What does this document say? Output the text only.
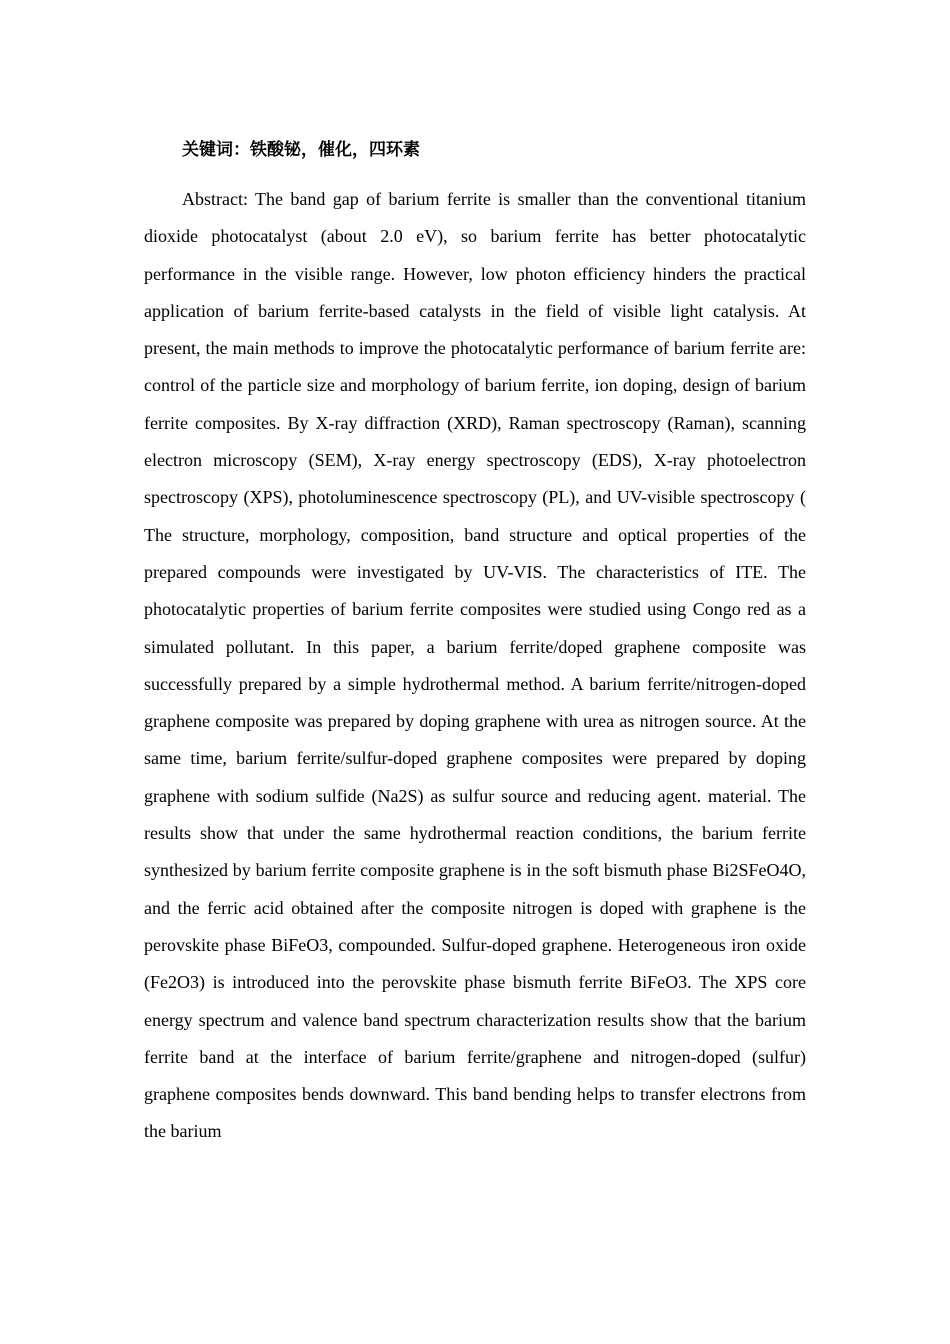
关键词：铁酸铋，催化，四环素

Abstract: The band gap of barium ferrite is smaller than the conventional titanium dioxide photocatalyst (about 2.0 eV), so barium ferrite has better photocatalytic performance in the visible range. However, low photon efficiency hinders the practical application of barium ferrite-based catalysts in the field of visible light catalysis. At present, the main methods to improve the photocatalytic performance of barium ferrite are: control of the particle size and morphology of barium ferrite, ion doping, design of barium ferrite composites. By X-ray diffraction (XRD), Raman spectroscopy (Raman), scanning electron microscopy (SEM), X-ray energy spectroscopy (EDS), X-ray photoelectron spectroscopy (XPS), photoluminescence spectroscopy (PL), and UV-visible spectroscopy ( The structure, morphology, composition, band structure and optical properties of the prepared compounds were investigated by UV-VIS. The characteristics of ITE. The photocatalytic properties of barium ferrite composites were studied using Congo red as a simulated pollutant. In this paper, a barium ferrite/doped graphene composite was successfully prepared by a simple hydrothermal method. A barium ferrite/nitrogen-doped graphene composite was prepared by doping graphene with urea as nitrogen source. At the same time, barium ferrite/sulfur-doped graphene composites were prepared by doping graphene with sodium sulfide (Na2S) as sulfur source and reducing agent. material. The results show that under the same hydrothermal reaction conditions, the barium ferrite synthesized by barium ferrite composite graphene is in the soft bismuth phase Bi2SFeO4O, and the ferric acid obtained after the composite nitrogen is doped with graphene is the perovskite phase BiFeO3, compounded. Sulfur-doped graphene. Heterogeneous iron oxide (Fe2O3) is introduced into the perovskite phase bismuth ferrite BiFeO3. The XPS core energy spectrum and valence band spectrum characterization results show that the barium ferrite band at the interface of barium ferrite/graphene and nitrogen-doped (sulfur) graphene composites bends downward. This band bending helps to transfer electrons from the barium
